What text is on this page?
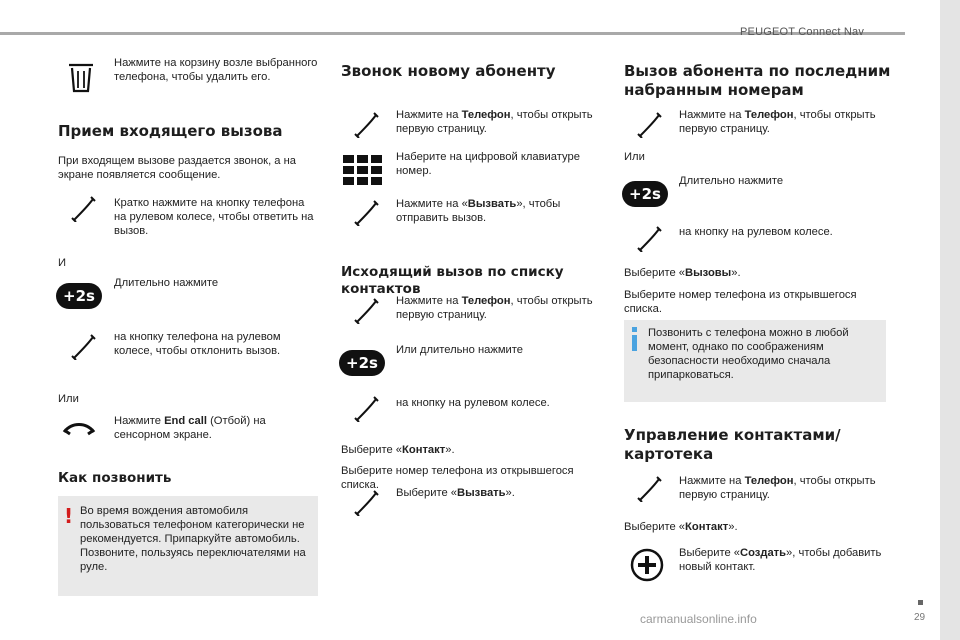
PEUGEOT Connect Nav
29
carmanualsonline.info
Нажмите на корзину возле выбранного телефона, чтобы удалить его.
Прием входящего вызова
При входящем вызове раздается звонок, а на экране появляется сообщение.
Кратко нажмите на кнопку телефона на рулевом колесе, чтобы ответить на вызов.
И
+2s
Длительно нажмите
на кнопку телефона на рулевом колесе, чтобы отклонить вызов.
Или
Нажмите End call (Отбой) на сенсорном экране.
Как позвонить
! Во время вождения автомобиля пользоваться телефоном категорически не рекомендуется. Припаркуйте автомобиль. Позвоните, пользуясь переключателями на руле.
Звонок новому абоненту
Нажмите на Телефон, чтобы открыть первую страницу.
Наберите на цифровой клавиатуре номер.
Нажмите на «Вызвать», чтобы отправить вызов.
Исходящий вызов по списку контактов
Нажмите на Телефон, чтобы открыть первую страницу.
+2s
Или длительно нажмите
на кнопку на рулевом колесе.
Выберите «Контакт».
Выберите номер телефона из открывшегося списка.
Выберите «Вызвать».
Вызов абонента по последним набранным номерам
Нажмите на Телефон, чтобы открыть первую страницу.
Или
+2s
Длительно нажмите
на кнопку на рулевом колесе.
Выберите «Вызовы».
Выберите номер телефона из открывшегося списка.
Позвонить с телефона можно в любой момент, однако по соображениям безопасности необходимо сначала припарковаться.
Управление контактами/ картотека
Нажмите на Телефон, чтобы открыть первую страницу.
Выберите «Контакт».
Выберите «Создать», чтобы добавить новый контакт.
